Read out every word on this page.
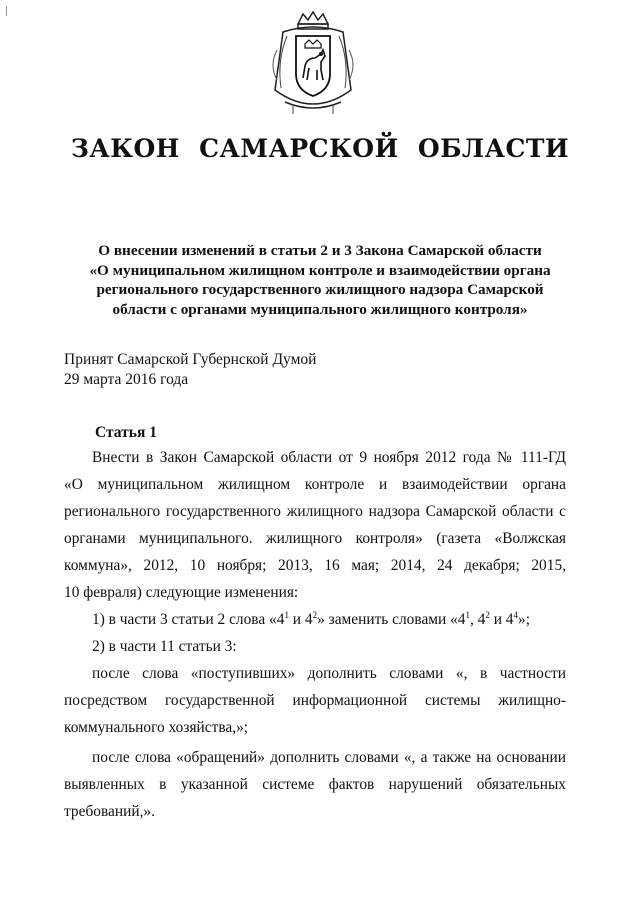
ЗАКОН САМАРСКОЙ ОБЛАСТИ
О внесении изменений в статьи 2 и 3 Закона Самарской области
«О муниципальном жилищном контроле и взаимодействии органа
регионального государственного жилищного надзора Самарской
области с органами муниципального жилищного контроля»
Принят Самарской Губернской Думой
29 марта 2016 года
Статья 1
Внести в Закон Самарской области от 9 ноября 2012 года № 111-ГД
«О муниципальном жилищном контроле и взаимодействии органа
регионального государственного жилищного надзора Самарской области с
органами муниципального. жилищного контроля» (газета «Волжская
коммуна», 2012, 10 ноября; 2013, 16 мая; 2014, 24 декабря; 2015,
10 февраля) следующие изменения:
1) в части 3 статьи 2 слова «$4^1$ и $4^2$» заменить словами «$4^1$, $4^2$ и $4^4$»;
2) в части 11 статьи 3:
после слова «поступивших» дополнить словами «, в частности
посредством государственной информационной системы жилищно-
коммунального хозяйства,»;
после слова «обращений» дополнить словами «, а также на основании
выявленных в указанной системе фактов нарушений обязательных
требований,».
